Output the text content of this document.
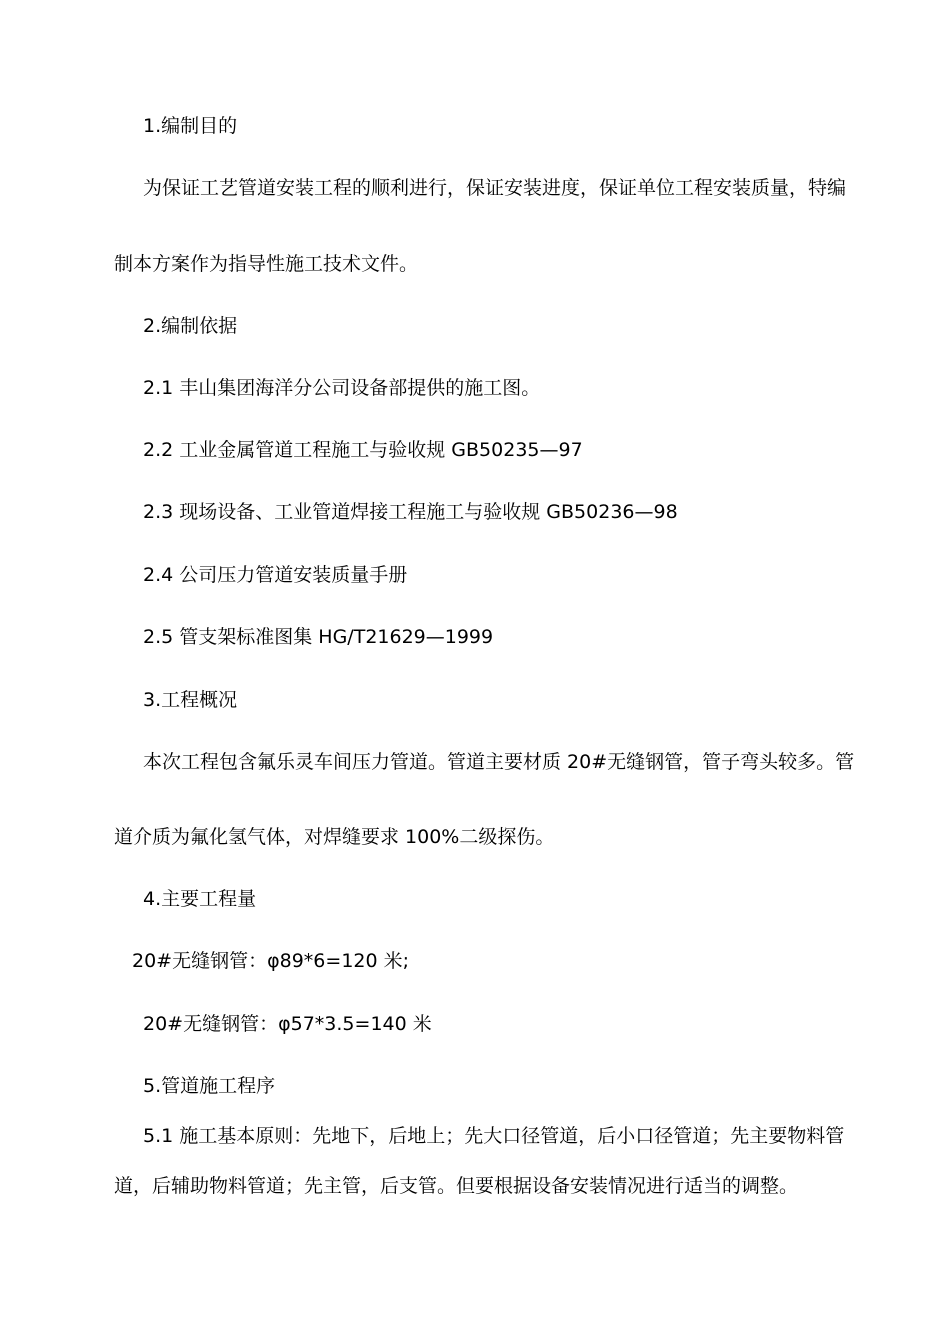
1.编制目的
为保证工艺管道安装工程的顺利进行，保证安装进度，保证单位工程安装质量，特编
制本方案作为指导性施工技术文件。
2.编制依据
2.1 丰山集团海洋分公司设备部提供的施工图。
2.2 工业金属管道工程施工与验收规 GB50235—97
2.3 现场设备、工业管道焊接工程施工与验收规 GB50236—98
2.4 公司压力管道安装质量手册
2.5 管支架标准图集 HG/T21629—1999
3.工程概况
本次工程包含氟乐灵车间压力管道。管道主要材质 20#无缝钢管，管子弯头较多。管
道介质为氟化氢气体，对焊缝要求 100%二级探伤。
4.主要工程量
20#无缝钢管：φ89*6=120 米;
20#无缝钢管：φ57*3.5=140 米
5.管道施工程序
5.1 施工基本原则：先地下，后地上；先大口径管道，后小口径管道；先主要物料管
道，后辅助物料管道；先主管，后支管。但要根据设备安装情况进行适当的调整。
